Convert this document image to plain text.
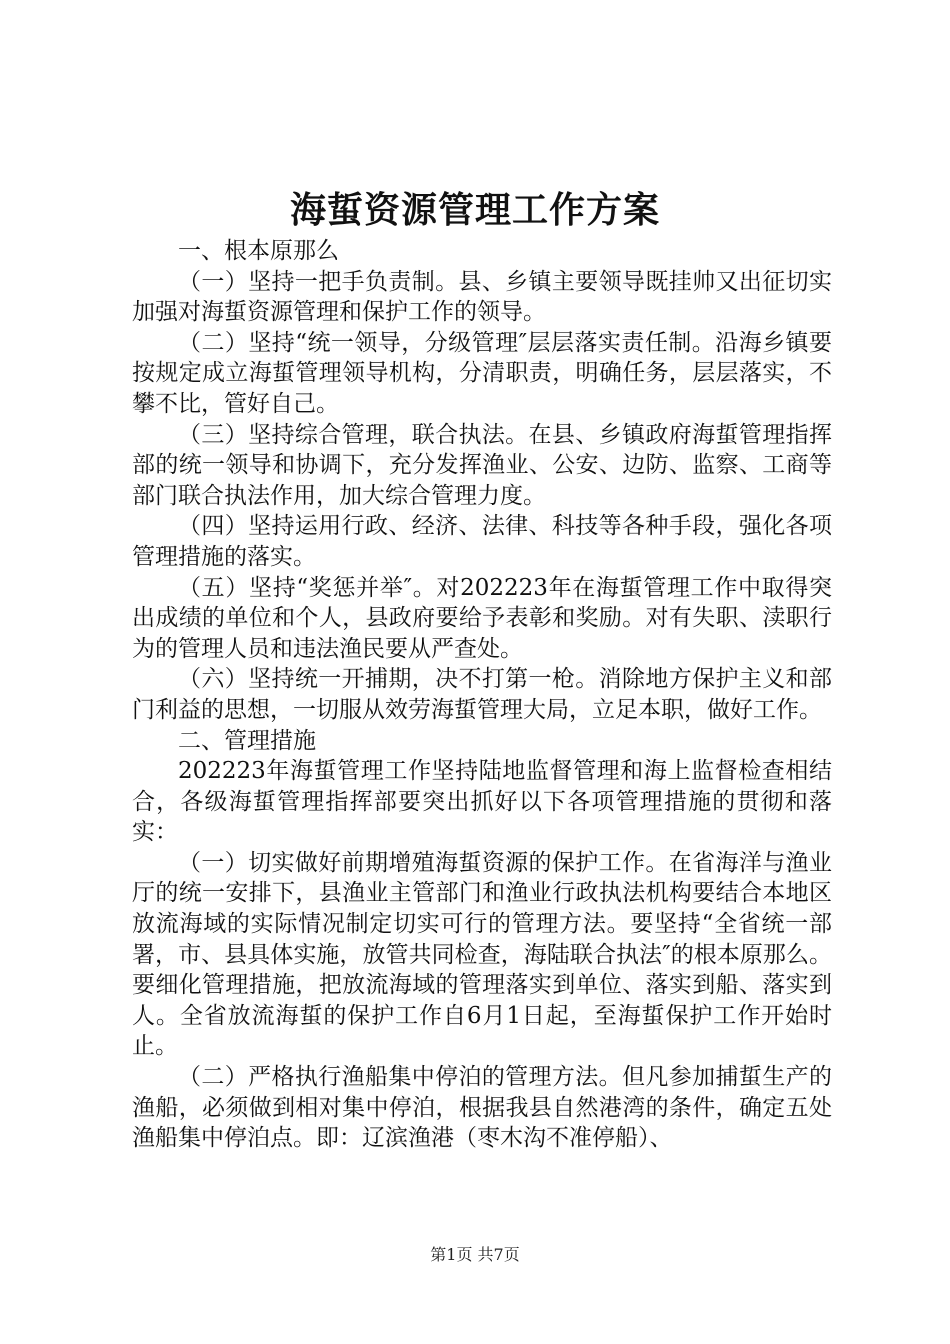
海蜇资源管理工作方案

一、根本原那么

（一）坚持一把手负责制。县、乡镇主要领导既挂帅又出征切实加强对海蜇资源管理和保护工作的领导。

（二）坚持“统一领导，分级管理″层层落实责任制。沿海乡镇要按规定成立海蜇管理领导机构，分清职责，明确任务，层层落实，不攀不比，管好自己。

（三）坚持综合管理，联合执法。在县、乡镇政府海蜇管理指挥部的统一领导和协调下，充分发挥渔业、公安、边防、监察、工商等部门联合执法作用，加大综合管理力度。

（四）坚持运用行政、经济、法律、科技等各种手段，强化各项管理措施的落实。

（五）坚持“奖惩并举″。对202223年在海蜇管理工作中取得突出成绩的单位和个人，县政府要给予表彰和奖励。对有失职、渎职行为的管理人员和违法渔民要从严查处。

（六）坚持统一开捕期，决不打第一枪。消除地方保护主义和部门利益的思想，一切服从效劳海蜇管理大局，立足本职，做好工作。

二、管理措施

202223年海蜇管理工作坚持陆地监督管理和海上监督检查相结合，各级海蜇管理指挥部要突出抓好以下各项管理措施的贯彻和落实：

（一）切实做好前期增殖海蜇资源的保护工作。在省海洋与渔业厅的统一安排下，县渔业主管部门和渔业行政执法机构要结合本地区放流海域的实际情况制定切实可行的管理方法。要坚持“全省统一部署，市、县具体实施，放管共同检查，海陆联合执法″的根本原那么。要细化管理措施，把放流海域的管理落实到单位、落实到船、落实到人。全省放流海蜇的保护工作自6月1日起，至海蜇保护工作开始时止。

（二）严格执行渔船集中停泊的管理方法。但凡参加捕蜇生产的渔船，必须做到相对集中停泊，根据我县自然港湾的条件，确定五处渔船集中停泊点。即：辽滨渔港（枣木沟不准停船）、

第1页 共7页
